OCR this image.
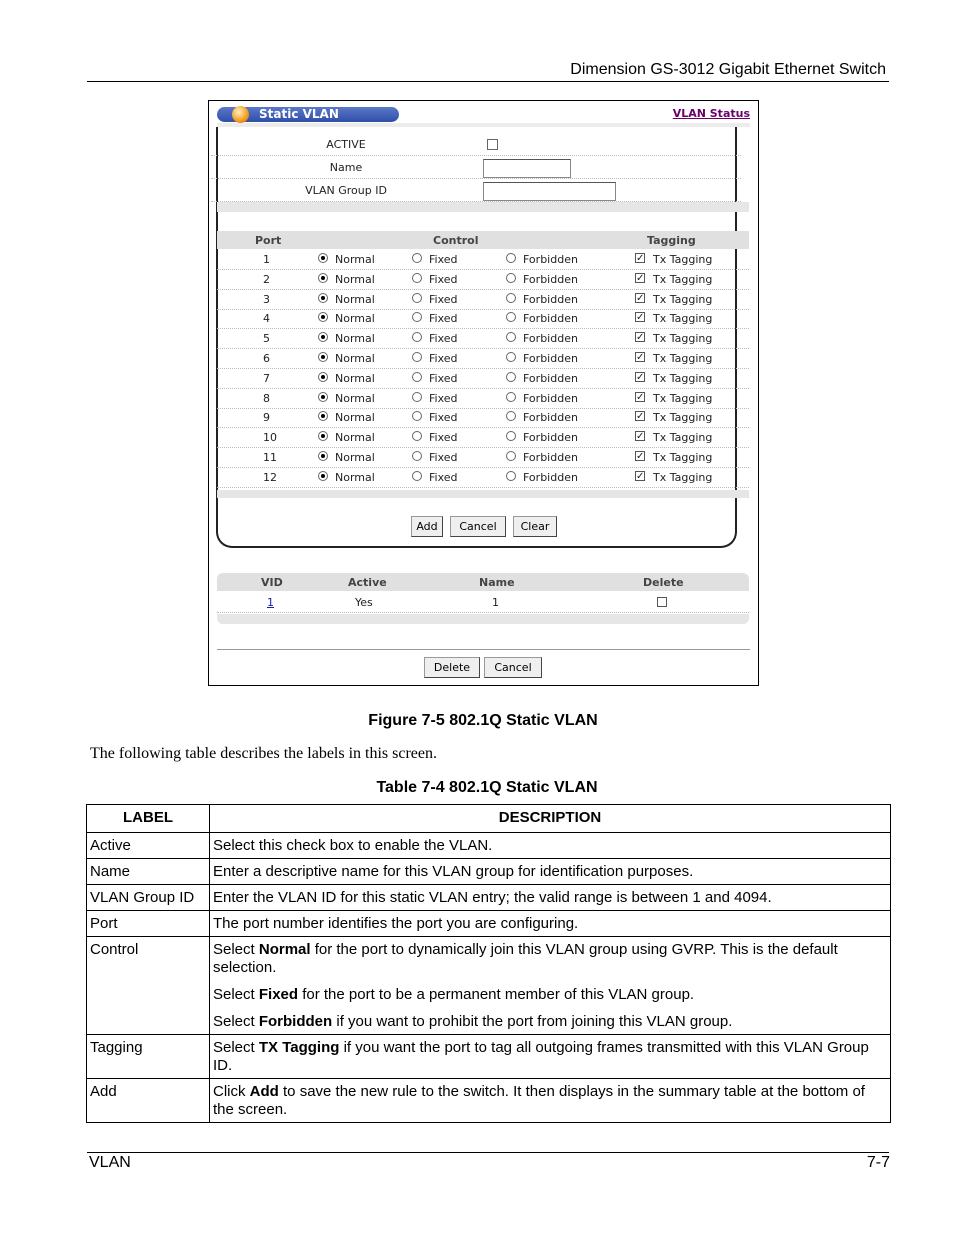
Dimension GS-3012 Gigabit Ethernet Switch
Static VLAN	VLAN Status
ACTIVE
Name
VLAN Group ID
Port	Control	Tagging
1	Normal	Fixed	Forbidden	✓ Tx Tagging
2	Normal	Fixed	Forbidden	✓ Tx Tagging
3	Normal	Fixed	Forbidden	✓ Tx Tagging
4	Normal	Fixed	Forbidden	✓ Tx Tagging
5	Normal	Fixed	Forbidden	✓ Tx Tagging
6	Normal	Fixed	Forbidden	✓ Tx Tagging
7	Normal	Fixed	Forbidden	✓ Tx Tagging
8	Normal	Fixed	Forbidden	✓ Tx Tagging
9	Normal	Fixed	Forbidden	✓ Tx Tagging
10	Normal	Fixed	Forbidden	✓ Tx Tagging
11	Normal	Fixed	Forbidden	✓ Tx Tagging
12	Normal	Fixed	Forbidden	✓ Tx Tagging
Add	Cancel	Clear
VID	Active	Name	Delete
1	Yes	1
Delete	Cancel
Figure 7-5 802.1Q Static VLAN
The following table describes the labels in this screen.
Table 7-4 802.1Q Static VLAN
LABEL	DESCRIPTION
Active	Select this check box to enable the VLAN.
Name	Enter a descriptive name for this VLAN group for identification purposes.
VLAN Group ID	Enter the VLAN ID for this static VLAN entry; the valid range is between 1 and 4094.
Port	The port number identifies the port you are configuring.
Control	Select Normal for the port to dynamically join this VLAN group using GVRP. This is the default selection.

Select Fixed for the port to be a permanent member of this VLAN group.

Select Forbidden if you want to prohibit the port from joining this VLAN group.

Tagging	Select TX Tagging if you want the port to tag all outgoing frames transmitted with this VLAN Group ID.
Add	Click Add to save the new rule to the switch. It then displays in the summary table at the bottom of the screen.
VLAN	7-7
